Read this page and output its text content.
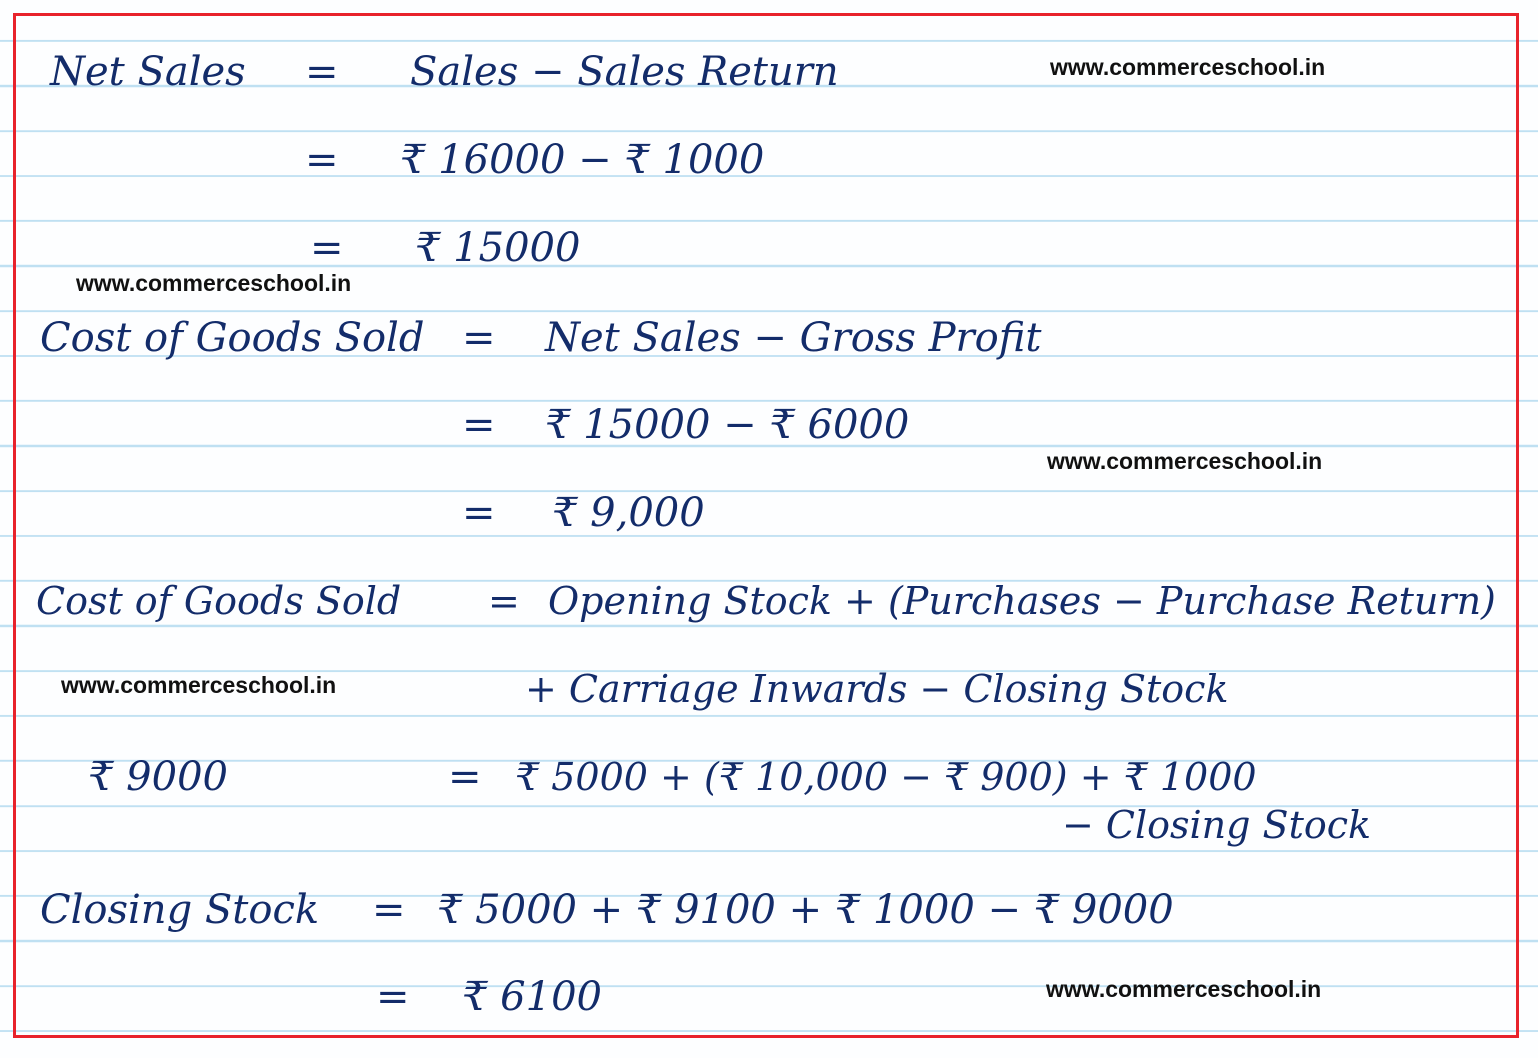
Net Sales = Sales − Sales Return	www.commerceschool.in
= ₹ 16000 − ₹ 1000
= ₹ 15000
www.commerceschool.in
Cost of Goods Sold = Net Sales − Gross Profit
= ₹ 15000 − ₹ 6000
www.commerceschool.in
= ₹ 9,000
Cost of Goods Sold = Opening Stock + (Purchases − Purchase Return)
www.commerceschool.in	+ Carriage Inwards − Closing Stock
₹ 9000	= ₹ 5000 + (₹ 10,000 − ₹ 900) + ₹ 1000
− Closing Stock
Closing Stock = ₹ 5000 + ₹ 9100 + ₹ 1000 − ₹ 9000
= ₹ 6100	www.commerceschool.in
